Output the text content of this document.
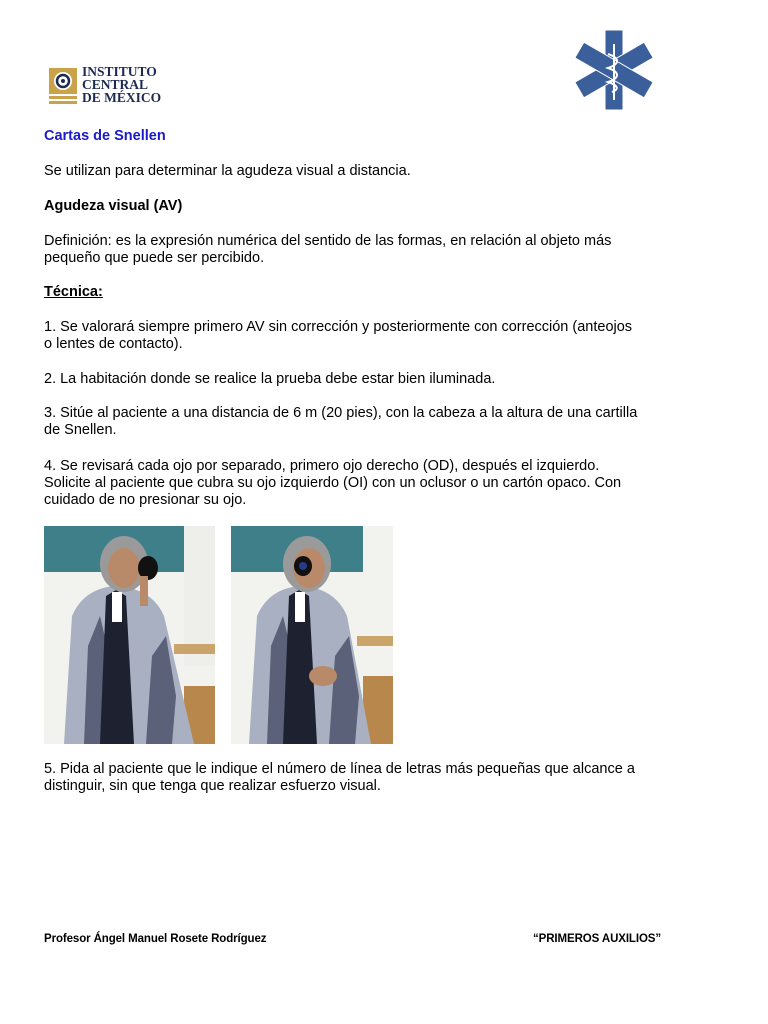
INSTITUTO
CENTRAL
DE MÉXICO

Cartas de Snellen

Se utilizan para determinar la agudeza visual a distancia.

Agudeza visual (AV)

Definición: es la expresión numérica del sentido de las formas, en relación al objeto más

pequeño que puede ser percibido.

Técnica:

1. Se valorará siempre primero AV sin corrección y posteriormente con corrección (anteojos

o lentes de contacto).

2. La habitación donde se realice la prueba debe estar bien iluminada.

3. Sitúe al paciente a una distancia de 6 m (20 pies), con la cabeza a la altura de una cartilla

de Snellen.

4. Se revisará cada ojo por separado, primero ojo derecho (OD), después el izquierdo.

Solicite al paciente que cubra su ojo izquierdo (OI) con un oclusor o un cartón opaco. Con

cuidado de no presionar su ojo.

5. Pida al paciente que le indique el número de línea de letras más pequeñas que alcance a

distinguir, sin que tenga que realizar esfuerzo visual.

Profesor Ángel Manuel Rosete Rodríguez	“PRIMEROS AUXILIOS”
